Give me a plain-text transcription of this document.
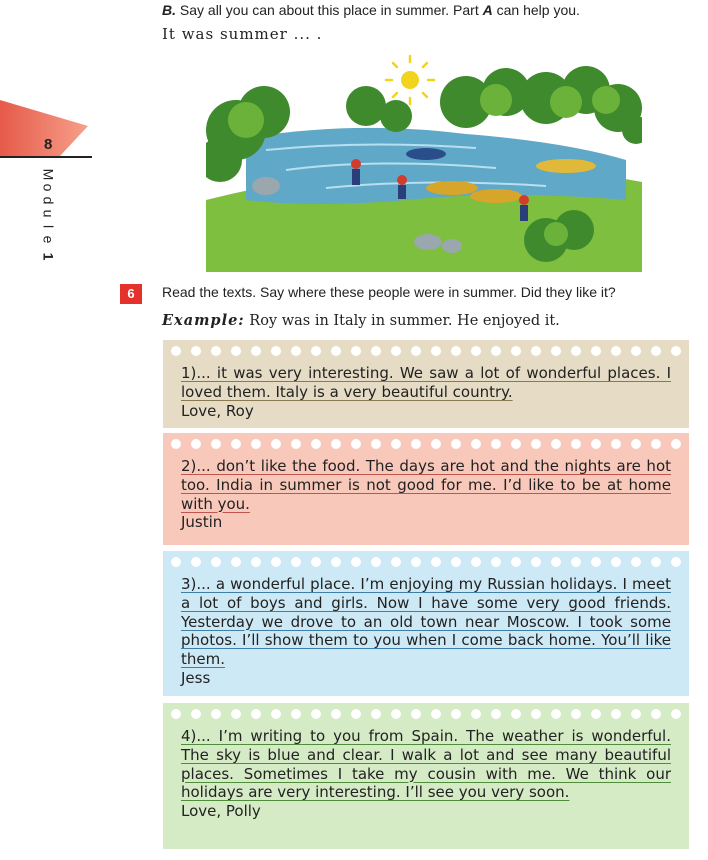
8
M
o
d
u
l
e
1
B. Say all you can about this place in summer. Part A can help you.
It was summer ... .
6	Read the texts. Say where these people were in summer. Did they like it?
Example: Roy was in Italy in summer. He enjoyed it.
1)... it was very interesting. We saw a lot of wonderful places. I loved them. Italy is a very beautiful country.
Love, Roy
2)... don’t like the food. The days are hot and the nights are hot too. India in summer is not good for me. I’d like to be at home with you.
Justin
3)... a wonderful place. I’m enjoying my Russian holidays. I meet a lot of boys and girls. Now I have some very good friends. Yesterday we drove to an old town near Moscow. I took some photos. I’ll show them to you when I come back home. You’ll like them.
Jess
4)... I’m writing to you from Spain. The weather is wonderful. The sky is blue and clear. I walk a lot and see many beautiful places. Sometimes I take my cousin with me. We think our holidays are very interesting. I’ll see you very soon.
Love, Polly
